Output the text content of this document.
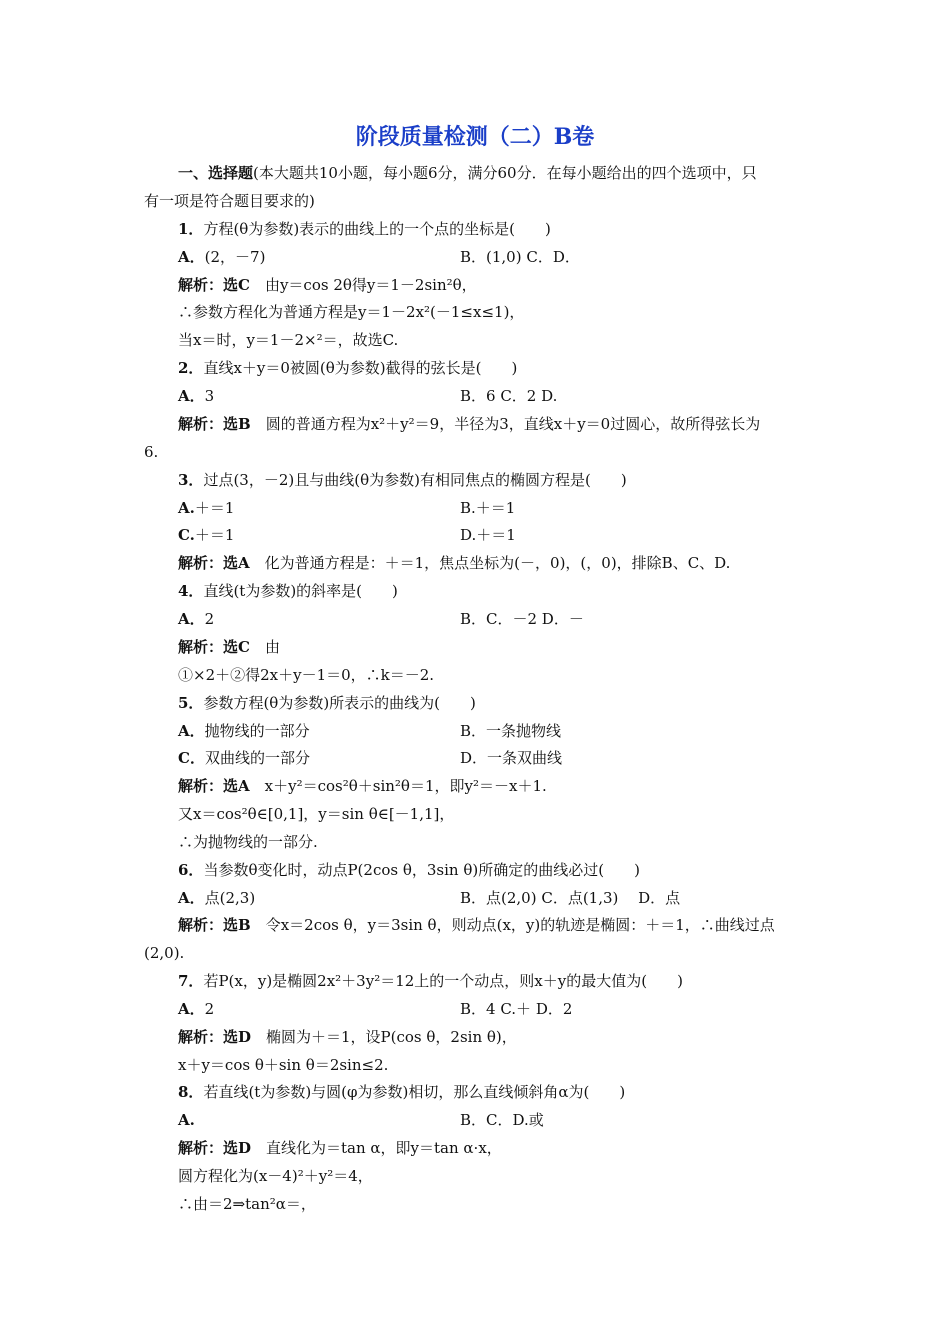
阶段质量检测（二）B卷
一、选择题(本大题共10小题，每小题6分，满分60分．在每小题给出的四个选项中，只
有一项是符合题目要求的)
1．方程(θ为参数)表示的曲线上的一个点的坐标是(　　)
A．(2，－7)	B．(1,0) C．D．
解析：选C　由y＝cos 2θ得y＝1－2sin²θ，
∴参数方程化为普通方程是y＝1－2x²(－1≤x≤1)，
当x＝时，y＝1－2×²＝，故选C.
2．直线x＋y＝0被圆(θ为参数)截得的弦长是(　　)
A．3	B．6 C．2 D.
解析：选B　圆的普通方程为x²＋y²＝9，半径为3，直线x＋y＝0过圆心，故所得弦长为
6.
3．过点(3，－2)且与曲线(θ为参数)有相同焦点的椭圆方程是(　　)
A.＋＝1	B.＋＝1
C.＋＝1	D.＋＝1
解析：选A　化为普通方程是：＋＝1，焦点坐标为(－，0)，(，0)，排除B、C、D.
4．直线(t为参数)的斜率是(　　)
A．2	B．C．－2 D．－
解析：选C　由
①×2＋②得2x＋y－1＝0，∴k＝－2.
5．参数方程(θ为参数)所表示的曲线为(　　)
A．抛物线的一部分	B．一条抛物线
C．双曲线的一部分	D．一条双曲线
解析：选A　x＋y²＝cos²θ＋sin²θ＝1，即y²＝－x＋1.
又x＝cos²θ∈[0,1]，y＝sin θ∈[－1,1]，
∴为抛物线的一部分.
6．当参数θ变化时，动点P(2cos θ，3sin θ)所确定的曲线必过(　　)
A．点(2,3)	B．点(2,0) C．点(1,3)　 D．点
解析：选B　令x＝2cos θ，y＝3sin θ，则动点(x，y)的轨迹是椭圆：＋＝1，∴曲线过点
(2,0).
7．若P(x，y)是椭圆2x²＋3y²＝12上的一个动点，则x＋y的最大值为(　　)
A．2	B．4 C.＋ D．2
解析：选D　椭圆为＋＝1，设P(cos θ，2sin θ)，
x＋y＝cos θ＋sin θ＝2sin≤2.
8．若直线(t为参数)与圆(φ为参数)相切，那么直线倾斜角α为(　　)
A.	B．C．D.或
解析：选D　直线化为＝tan α，即y＝tan α·x，
圆方程化为(x－4)²＋y²＝4，
∴由＝2⇒tan²α＝，
